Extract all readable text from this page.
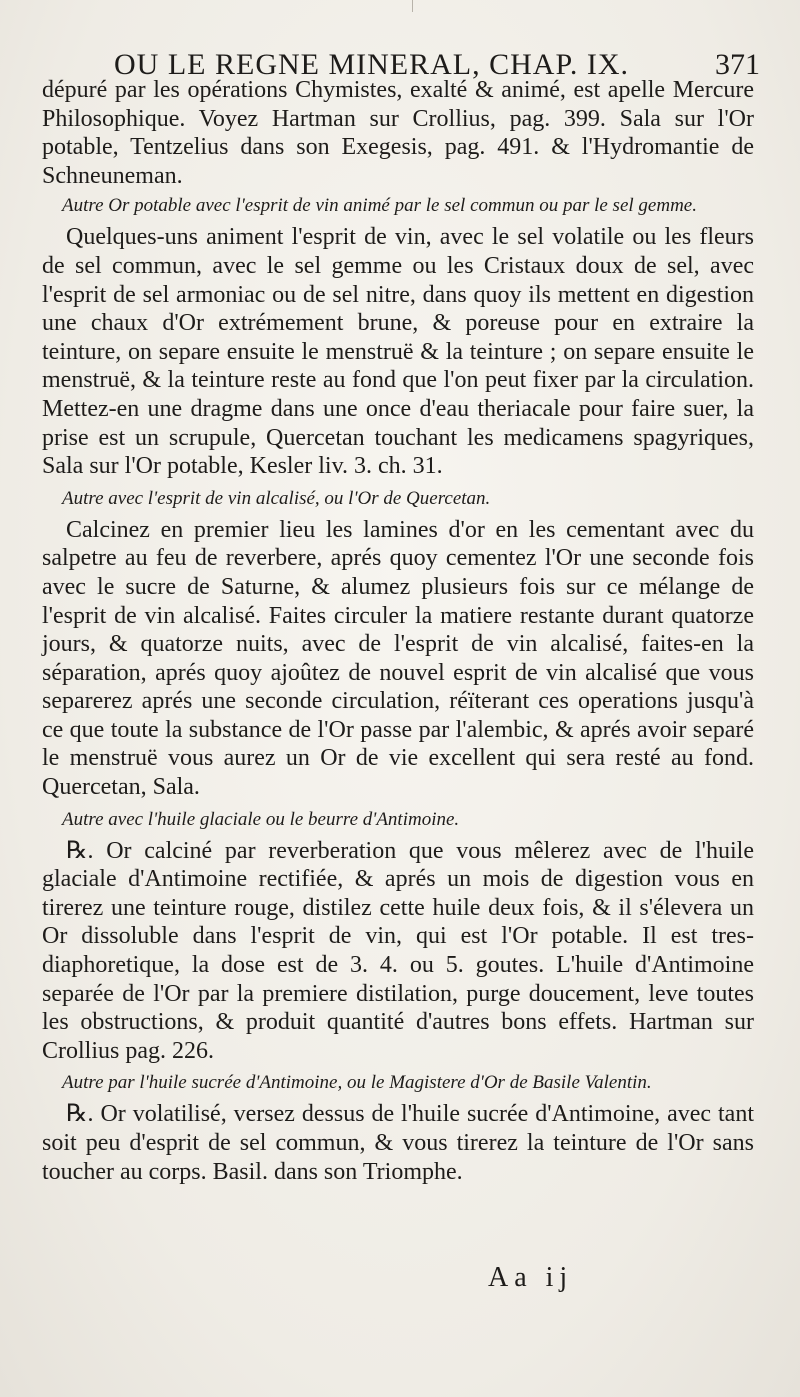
OU LE REGNE MINERAL, CHAP. IX.	371

dépuré par les opérations Chymistes, exalté & animé, est apelle Mercure Philosophique. Voyez Hartman sur Crollius, pag. 399. Sala sur l'Or potable, Tentzelius dans son Exegesis, pag. 491. & l'Hydromantie de Schneuneman.

Autre Or potable avec l'esprit de vin animé par le sel commun ou par le sel gemme.

Quelques-uns animent l'esprit de vin, avec le sel volatile ou les fleurs de sel commun, avec le sel gemme ou les Cristaux doux de sel, avec l'esprit de sel armoniac ou de sel nitre, dans quoy ils mettent en digestion une chaux d'Or extrémement brune, & poreuse pour en extraire la teinture, on separe ensuite le menstruë & la teinture ; on separe ensuite le menstruë, & la teinture reste au fond que l'on peut fixer par la circulation. Mettez-en une dragme dans une once d'eau theriacale pour faire suer, la prise est un scrupule, Quercetan touchant les medicamens spagyriques, Sala sur l'Or potable, Kesler liv. 3. ch. 31.

Autre avec l'esprit de vin alcalisé, ou l'Or de Quercetan.

Calcinez en premier lieu les lamines d'or en les cementant avec du salpetre au feu de reverbere, aprés quoy cementez l'Or une seconde fois avec le sucre de Saturne, & alumez plusieurs fois sur ce mélange de l'esprit de vin alcalisé. Faites circuler la matiere restante durant quatorze jours, & quatorze nuits, avec de l'esprit de vin alcalisé, faites-en la séparation, aprés quoy ajoûtez de nouvel esprit de vin alcalisé que vous separerez aprés une seconde circulation, réïterant ces operations jusqu'à ce que toute la substance de l'Or passe par l'alembic, & aprés avoir separé le menstruë vous aurez un Or de vie excellent qui sera resté au fond. Quercetan, Sala.

Autre avec l'huile glaciale ou le beurre d'Antimoine.

℞. Or calciné par reverberation que vous mêlerez avec de l'huile glaciale d'Antimoine rectifiée, & aprés un mois de digestion vous en tirerez une teinture rouge, distilez cette huile deux fois, & il s'élevera un Or dissoluble dans l'esprit de vin, qui est l'Or potable. Il est tres-diaphoretique, la dose est de 3. 4. ou 5. goutes. L'huile d'Antimoine separée de l'Or par la premiere distilation, purge doucement, leve toutes les obstructions, & produit quantité d'autres bons effets. Hartman sur Crollius pag. 226.

Autre par l'huile sucrée d'Antimoine, ou le Magistere d'Or de Basile Valentin.

℞. Or volatilisé, versez dessus de l'huile sucrée d'Antimoine, avec tant soit peu d'esprit de sel commun, & vous tirerez la teinture de l'Or sans toucher au corps. Basil. dans son Triomphe.

Aa ij
